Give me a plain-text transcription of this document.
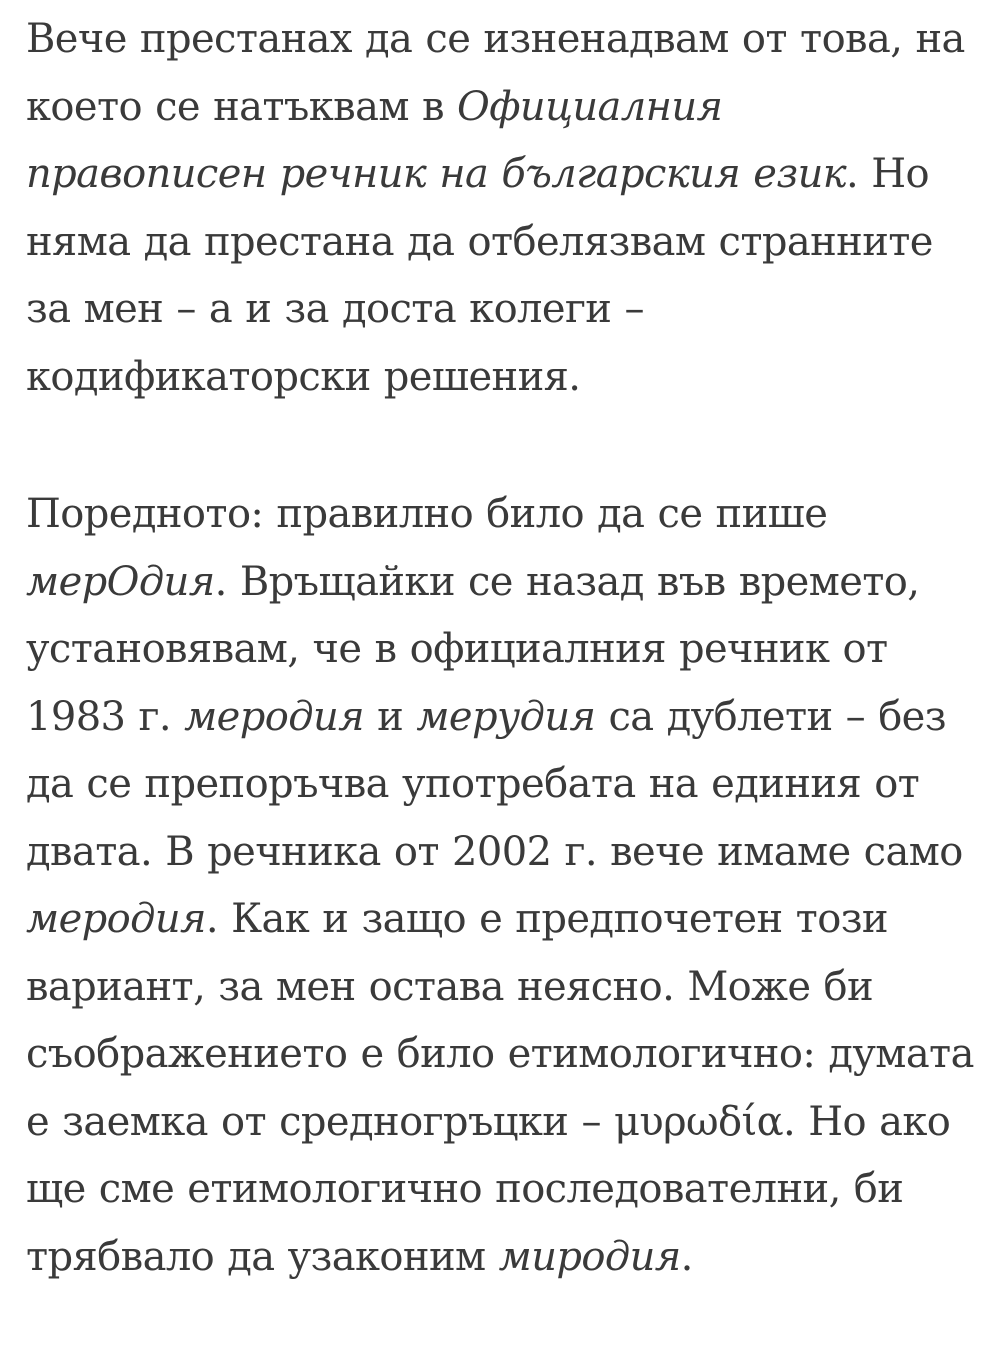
Вече престанах да се изненадвам от това, на което се натъквам в Официалния правописен речник на българския език. Но няма да престана да отбелязвам странните за мен – а и за доста колеги – кодификаторски решения.

Поредното: правилно било да се пише мерОдия. Връщайки се назад във времето, установявам, че в официалния речник от 1983 г. меродия и мерудия са дублети – без да се препоръчва употребата на единия от двата. В речника от 2002 г. вече имаме само меродия. Как и защо е предпочетен този вариант, за мен остава неясно. Може би съображението е било етимологично: думата е заемка от средногръцки – μυρωδία. Но ако ще сме етимологично последователни, би трябвало да узаконим миродия.
